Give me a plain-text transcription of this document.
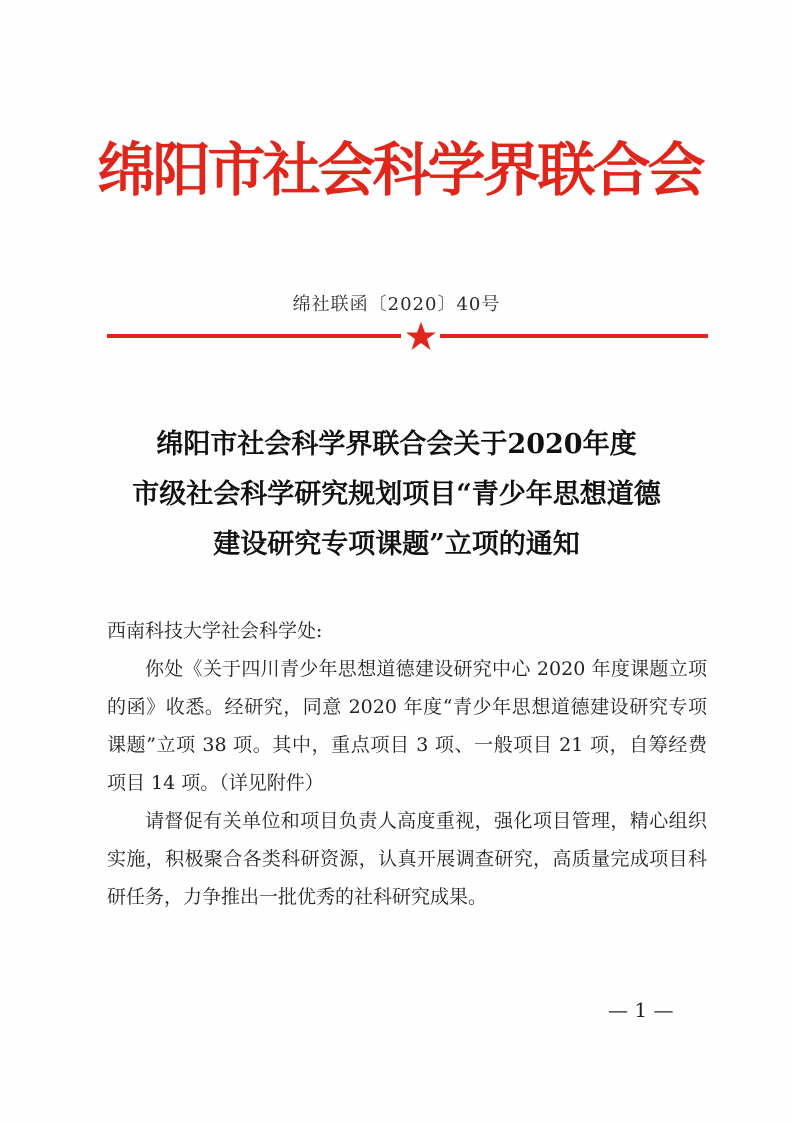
绵阳市社会科学界联合会
绵社联函〔2020〕40号
绵阳市社会科学界联合会关于2020年度
市级社会科学研究规划项目“青少年思想道德
建设研究专项课题”立项的通知

西南科技大学社会科学处:

你处《关于四川青少年思想道德建设研究中心 2020 年度课题立项的函》收悉。经研究，同意 2020 年度“青少年思想道德建设研究专项课题”立项 38 项。其中，重点项目 3 项、一般项目 21 项，自筹经费项目 14 项。（详见附件）

请督促有关单位和项目负责人高度重视，强化项目管理，精心组织实施，积极聚合各类科研资源，认真开展调查研究，高质量完成项目科研任务，力争推出一批优秀的社科研究成果。

— 1 —
